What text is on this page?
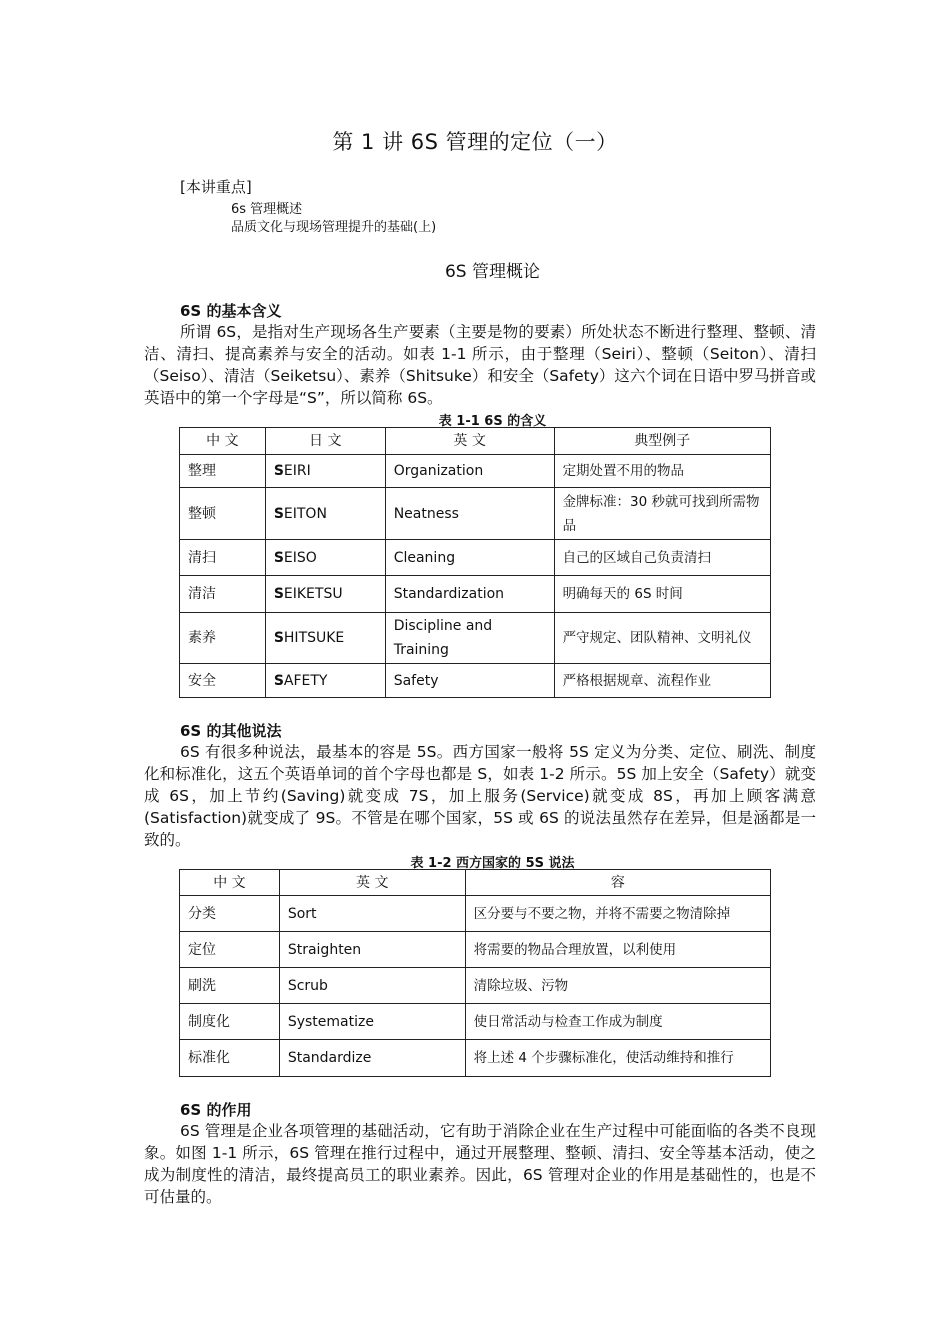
第 1 讲 6S 管理的定位（一）
[本讲重点]
6s 管理概述
品质文化与现场管理提升的基础(上)
6S 管理概论
6S 的基本含义
所谓 6S，是指对生产现场各生产要素（主要是物的要素）所处状态不断进行整理、整顿、清洁、清扫、提高素养与安全的活动。如表 1-1 所示，由于整理（Seiri）、整顿（Seiton）、清扫（Seiso）、清洁（Seiketsu）、素养（Shitsuke）和安全（Safety）这六个词在日语中罗马拼音或英语中的第一个字母是“S”，所以简称 6S。
表 1-1 6S 的含义
中 文	日 文	英 文	典型例子
整理	SEIRI	Organization	定期处置不用的物品
整顿	SEITON	Neatness	金牌标准：30 秒就可找到所需物品
清扫	SEISO	Cleaning	自己的区域自己负责清扫
清洁	SEIKETSU	Standardization	明确每天的 6S 时间
素养	SHITSUKE	Discipline and Training	严守规定、团队精神、文明礼仪
安全	SAFETY	Safety	严格根据规章、流程作业
6S 的其他说法
6S 有很多种说法，最基本的容是 5S。西方国家一般将 5S 定义为分类、定位、刷洗、制度化和标准化，这五个英语单词的首个字母也都是 S，如表 1-2 所示。5S 加上安全（Safety）就变成 6S，加上节约(Saving)就变成 7S，加上服务(Service)就变成 8S，再加上顾客满意(Satisfaction)就变成了 9S。不管是在哪个国家，5S 或 6S 的说法虽然存在差异，但是涵都是一致的。
表 1-2 西方国家的 5S 说法
中 文	英 文	容
分类	Sort	区分要与不要之物，并将不需要之物清除掉
定位	Straighten	将需要的物品合理放置，以利使用
刷洗	Scrub	清除垃圾、污物
制度化	Systematize	使日常活动与检查工作成为制度
标准化	Standardize	将上述 4 个步骤标准化，使活动维持和推行
6S 的作用
6S 管理是企业各项管理的基础活动，它有助于消除企业在生产过程中可能面临的各类不良现象。如图 1-1 所示，6S 管理在推行过程中，通过开展整理、整顿、清扫、安全等基本活动，使之成为制度性的清洁，最终提高员工的职业素养。因此，6S 管理对企业的作用是基础性的，也是不可估量的。
